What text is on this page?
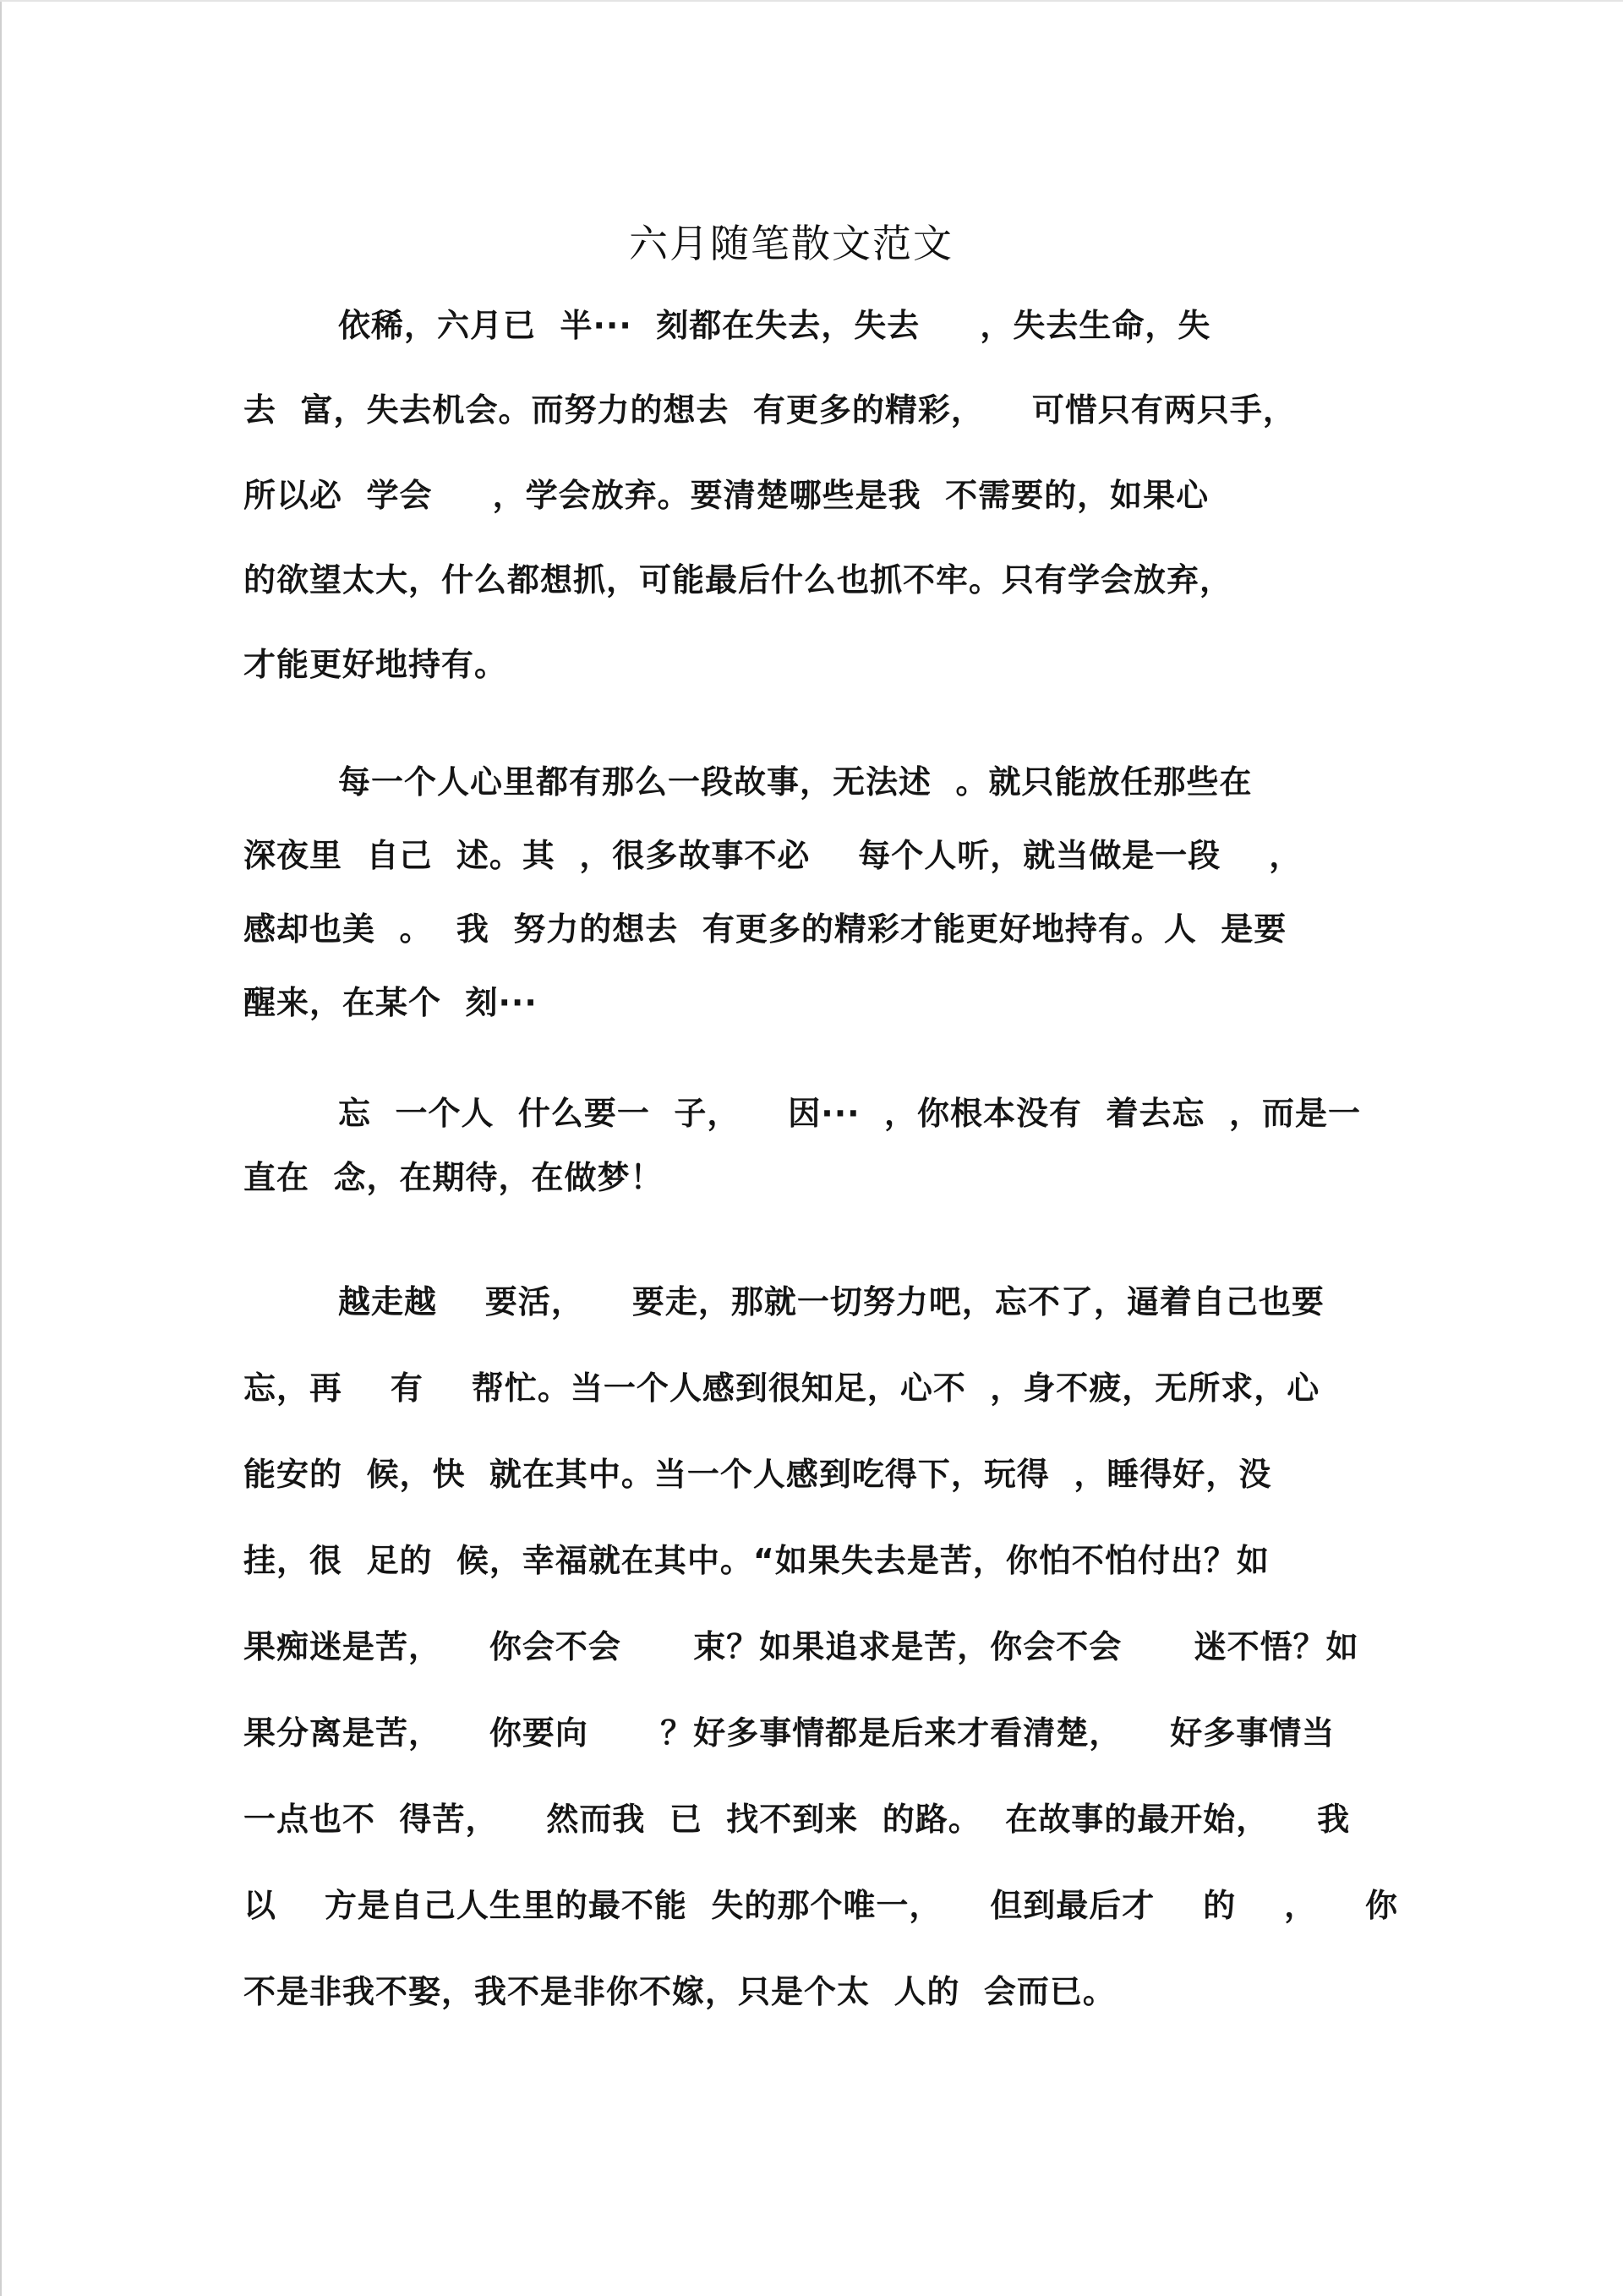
六月随笔散文范文
依稀，六月已  半···  刻都在失去，失去     ，失去生命，失
去  富，失去机会。而努力的想去  有更多的精彩，    可惜只有两只手，
所以必  学会     ，学会放弃。要清楚哪些是我  不需要的，如果心
的欲望太大，什么都想抓，可能最后什么也抓不牢。只有学会放弃，
才能更好地持有。
每一个人心里都有那么一段故事，无法述  。就只能放任那些在
深夜里  自己  述。其  ，很多故事不必    每个人听，就当做是一段    ，
感却也美  。  我  努力的想去  有更多的精彩才能更好地持有。人  是要
醒来，在某个  刻···
忘  一个人  什么要一  子，    因···  ，你根本没有  着去忘  ，而是一
直在  念，在期待，在做梦！
越走越    要活，    要走，那就一切努力吧，忘不了，逼着自己也要
忘，再    有    帮忙。当一个人感到很知足，心不  ，身不疲，无所求，心
能安的  候，快  就在其中。当一个人感到吃得下，玩得  ，睡得好，没
挂，很  足的  候，幸福就在其中。“如果失去是苦，你怕不怕付出？如
果痴迷是苦，    你会不会      束？如果追求是苦，你会不会      迷不悟？如
果分离是苦，    你要向      ？好多事情都是后来才看清楚，    好多事情当
一点也不  得苦，    然而我  已  找不到来  的路。  在故事的最开始，    我
以    方是自己人生里的最不能  失的那个唯一，    但到最后才    的    ，    你
不是非我不娶，我不是非你不嫁，只是个太  人的  会而已。
